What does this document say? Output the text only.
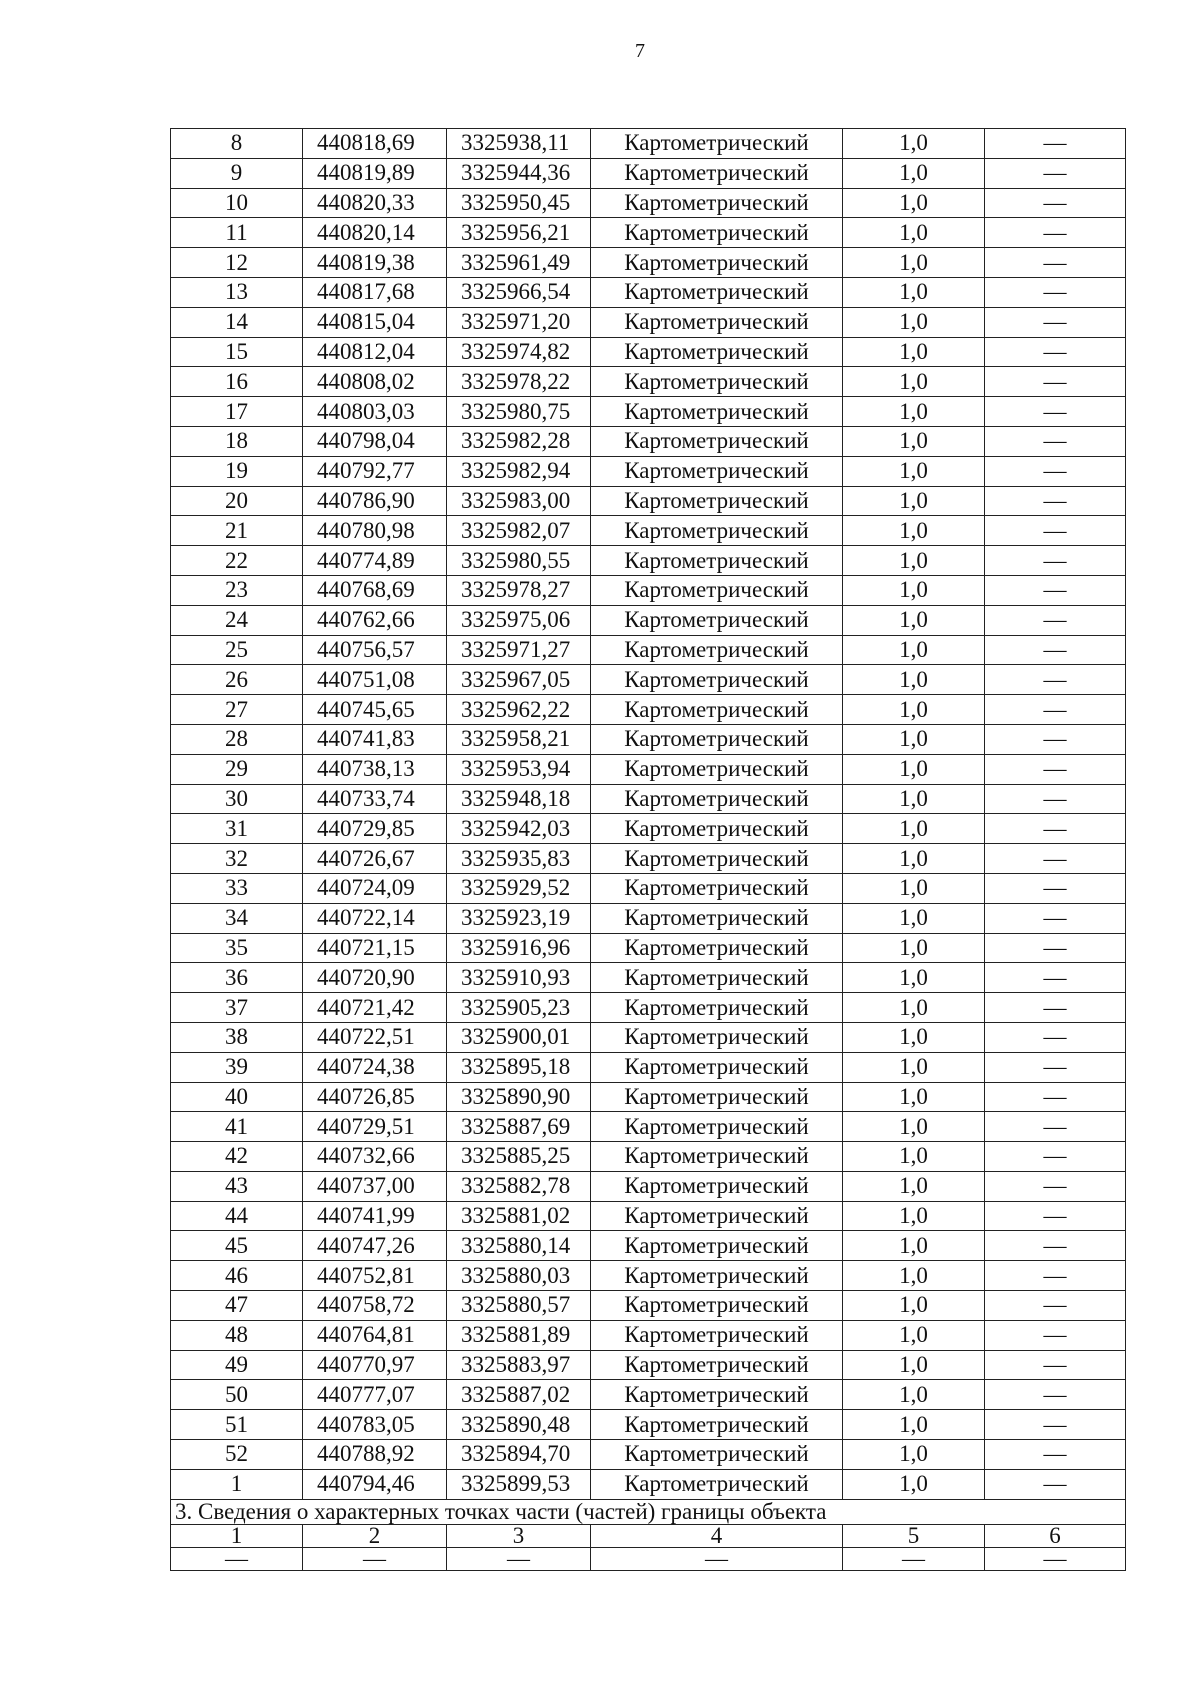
7
8	440818,69	3325938,11	Картометрический	1,0	—
9	440819,89	3325944,36	Картометрический	1,0	—
10	440820,33	3325950,45	Картометрический	1,0	—
11	440820,14	3325956,21	Картометрический	1,0	—
12	440819,38	3325961,49	Картометрический	1,0	—
13	440817,68	3325966,54	Картометрический	1,0	—
14	440815,04	3325971,20	Картометрический	1,0	—
15	440812,04	3325974,82	Картометрический	1,0	—
16	440808,02	3325978,22	Картометрический	1,0	—
17	440803,03	3325980,75	Картометрический	1,0	—
18	440798,04	3325982,28	Картометрический	1,0	—
19	440792,77	3325982,94	Картометрический	1,0	—
20	440786,90	3325983,00	Картометрический	1,0	—
21	440780,98	3325982,07	Картометрический	1,0	—
22	440774,89	3325980,55	Картометрический	1,0	—
23	440768,69	3325978,27	Картометрический	1,0	—
24	440762,66	3325975,06	Картометрический	1,0	—
25	440756,57	3325971,27	Картометрический	1,0	—
26	440751,08	3325967,05	Картометрический	1,0	—
27	440745,65	3325962,22	Картометрический	1,0	—
28	440741,83	3325958,21	Картометрический	1,0	—
29	440738,13	3325953,94	Картометрический	1,0	—
30	440733,74	3325948,18	Картометрический	1,0	—
31	440729,85	3325942,03	Картометрический	1,0	—
32	440726,67	3325935,83	Картометрический	1,0	—
33	440724,09	3325929,52	Картометрический	1,0	—
34	440722,14	3325923,19	Картометрический	1,0	—
35	440721,15	3325916,96	Картометрический	1,0	—
36	440720,90	3325910,93	Картометрический	1,0	—
37	440721,42	3325905,23	Картометрический	1,0	—
38	440722,51	3325900,01	Картометрический	1,0	—
39	440724,38	3325895,18	Картометрический	1,0	—
40	440726,85	3325890,90	Картометрический	1,0	—
41	440729,51	3325887,69	Картометрический	1,0	—
42	440732,66	3325885,25	Картометрический	1,0	—
43	440737,00	3325882,78	Картометрический	1,0	—
44	440741,99	3325881,02	Картометрический	1,0	—
45	440747,26	3325880,14	Картометрический	1,0	—
46	440752,81	3325880,03	Картометрический	1,0	—
47	440758,72	3325880,57	Картометрический	1,0	—
48	440764,81	3325881,89	Картометрический	1,0	—
49	440770,97	3325883,97	Картометрический	1,0	—
50	440777,07	3325887,02	Картометрический	1,0	—
51	440783,05	3325890,48	Картометрический	1,0	—
52	440788,92	3325894,70	Картометрический	1,0	—
1	440794,46	3325899,53	Картометрический	1,0	—
3. Сведения о характерных точках части (частей) границы объекта					
1	2	3	4	5	6
—	—	—	—	—	—
